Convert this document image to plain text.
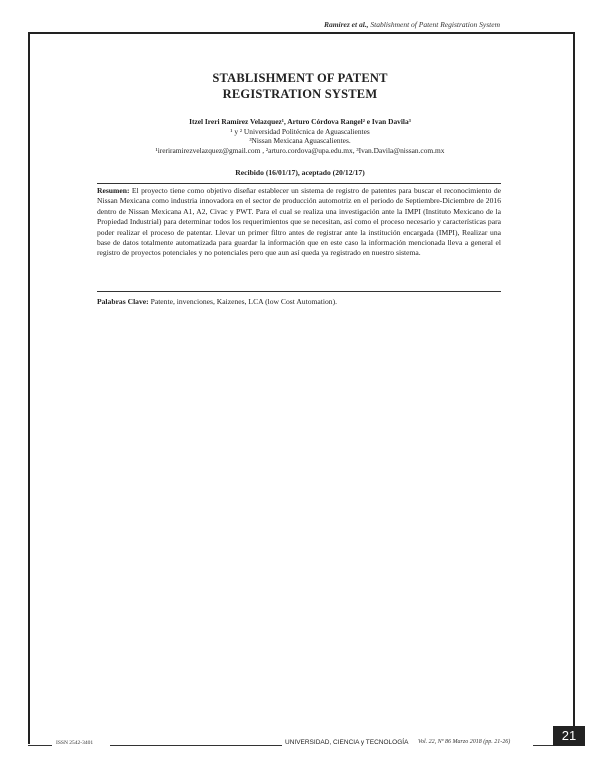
Ramírez et al., Stablishment of Patent Registration System
STABLISHMENT OF PATENT
REGISTRATION SYSTEM
Itzel Ireri Ramírez Velazquez¹, Arturo Córdova Rangel² e Ivan Davila³
¹ y ² Universidad Politécnica de Aguascalientes
³Nissan Mexicana Aguascalientes.
¹ireriramirezvelazquez@gmail.com , ²arturo.cordova@upa.edu.mx, ³Ivan.Davila@nissan.com.mx
Recibido (16/01/17), aceptado (20/12/17)
Resumen: El proyecto tiene como objetivo diseñar establecer un sistema de registro de patentes para buscar el reconocimiento de Nissan Mexicana como industria innovadora en el sector de producción automotriz en el periodo de Septiembre-Diciembre de 2016 dentro de Nissan Mexicana A1, A2, Civac y PWT. Para el cual se realiza una investigación ante la IMPI (Instituto Mexicano de la Propiedad Industrial) para determinar todos los requerimientos que se necesitan, así como el proceso necesario y características para poder realizar el proceso de patentar. Llevar un primer filtro antes de registrar ante la institución encargada (IMPI), Realizar una base de datos totalmente automatizada para guardar la información que en este caso la información mencionada lleva a general el registro de proyectos potenciales y no potenciales pero que aun así queda ya registrado en nuestro sistema.
Palabras Clave: Patente, invenciones, Kaizenes, LCA (low Cost Automation).
ISSN 2542-3401	UNIVERSIDAD, CIENCIA y TECNOLOGÍA Vol. 22, Nº 86 Marzo 2018 (pp. 21-26)	21
